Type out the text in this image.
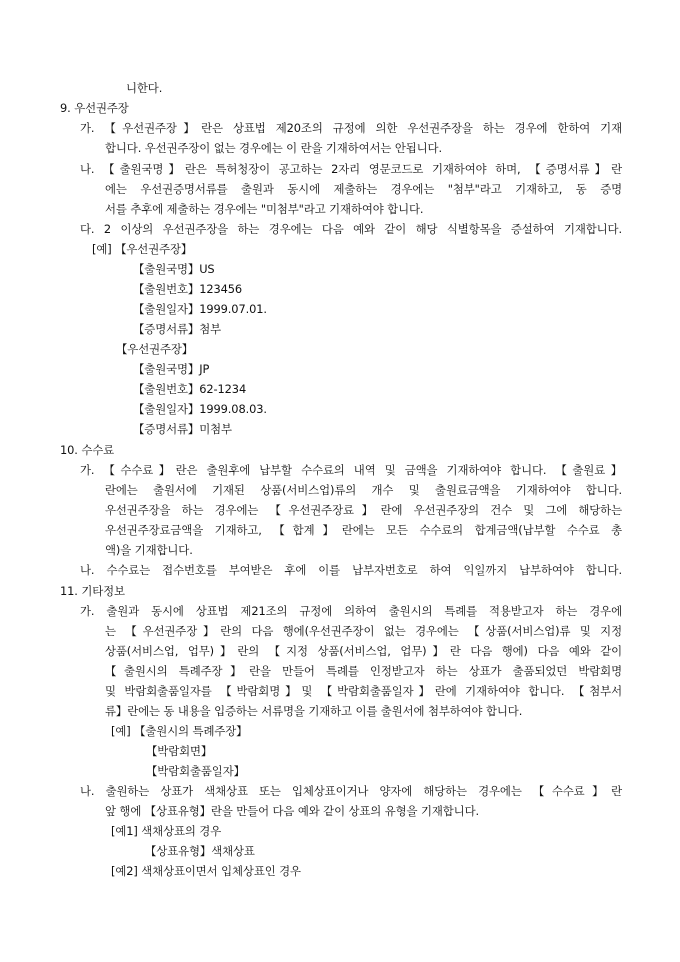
니한다.
9. 우선권주장
가. 【우선권주장】란은 상표법 제20조의 규정에 의한 우선권주장을 하는 경우에 한하여 기재
합니다. 우선권주장이 없는 경우에는 이 란을 기재하여서는 안됩니다.
나. 【출원국명】란은 특허청장이 공고하는 2자리 영문코드로 기재하여야 하며, 【증명서류】란
에는 우선권증명서류를 출원과 동시에 제출하는 경우에는 "첨부"라고 기재하고, 동 증명
서를 추후에 제출하는 경우에는 "미첨부"라고 기재하여야 합니다.
다. 2 이상의 우선권주장을 하는 경우에는 다음 예와 같이 해당 식별항목을 증설하여 기재합니다.
[예] 【우선권주장】
【출원국명】US
【출원번호】123456
【출원일자】1999.07.01.
【증명서류】첨부
【우선권주장】
【출원국명】JP
【출원번호】62-1234
【출원일자】1999.08.03.
【증명서류】미첨부
10. 수수료
가. 【수수료】란은 출원후에 납부할 수수료의 내역 및 금액을 기재하여야 합니다. 【출원료】
란에는 출원서에 기재된 상품(서비스업)류의 개수 및 출원료금액을 기재하여야 합니다.
우선권주장을 하는 경우에는 【우선권주장료】란에 우선권주장의 건수 및 그에 해당하는
우선권주장료금액을 기재하고, 【합계】란에는 모든 수수료의 합계금액(납부할 수수료 총
액)을 기재합니다.
나. 수수료는 접수번호를 부여받은 후에 이를 납부자번호로 하여 익일까지 납부하여야 합니다.
11. 기타정보
가. 출원과 동시에 상표법 제21조의 규정에 의하여 출원시의 특례를 적용받고자 하는 경우에
는 【우선권주장】란의 다음 행에(우선권주장이 없는 경우에는 【상품(서비스업)류 및 지정
상품(서비스업, 업무)】란의 【지정 상품(서비스업, 업무)】란 다음 행에) 다음 예와 같이
【출원시의 특례주장】란을 만들어 특례를 인정받고자 하는 상표가 출품되었던 박람회명
및 박람회출품일자를 【박람회명】및 【박람회출품일자】란에 기재하여야 합니다. 【첨부서
류】란에는 동 내용을 입증하는 서류명을 기재하고 이를 출원서에 첨부하여야 합니다.
[예] 【출원시의 특례주장】
【박람회면】
【박람회출품일자】
나. 출원하는 상표가 색채상표 또는 입체상표이거나 양자에 해당하는 경우에는 【수수료】란
앞 행에 【상표유형】란을 만들어 다음 예와 같이 상표의 유형을 기재합니다.
[예1] 색채상표의 경우
【상표유형】색채상표
[예2] 색채상표이면서 입체상표인 경우
